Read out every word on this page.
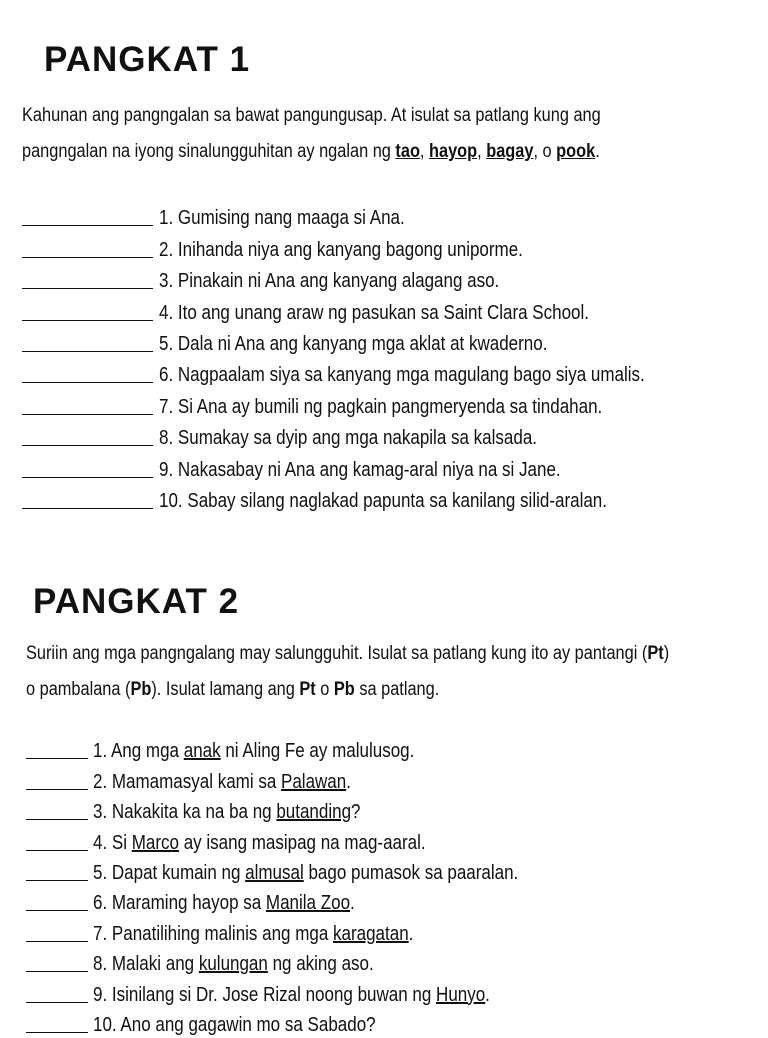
PANGKAT 1
Kahunan ang pangngalan sa bawat pangungusap. At isulat sa patlang kung ang
pangngalan na iyong sinalungguhitan ay ngalan ng tao, hayop, bagay, o pook.
1. Gumising nang maaga si Ana.
2. Inihanda niya ang kanyang bagong uniporme.
3. Pinakain ni Ana ang kanyang alagang aso.
4. Ito ang unang araw ng pasukan sa Saint Clara School.
5. Dala ni Ana ang kanyang mga aklat at kwaderno.
6. Nagpaalam siya sa kanyang mga magulang bago siya umalis.
7. Si Ana ay bumili ng pagkain pangmeryenda sa tindahan.
8. Sumakay sa dyip ang mga nakapila sa kalsada.
9. Nakasabay ni Ana ang kamag-aral niya na si Jane.
10. Sabay silang naglakad papunta sa kanilang silid-aralan.
PANGKAT 2
Suriin ang mga pangngalang may salungguhit. Isulat sa patlang kung ito ay pantangi (Pt)
o pambalana (Pb). Isulat lamang ang Pt o Pb sa patlang.
1. Ang mga anak ni Aling Fe ay malulusog.
2. Mamamasyal kami sa Palawan.
3. Nakakita ka na ba ng butanding?
4. Si Marco ay isang masipag na mag-aaral.
5. Dapat kumain ng almusal bago pumasok sa paaralan.
6. Maraming hayop sa Manila Zoo.
7. Panatilihing malinis ang mga karagatan.
8. Malaki ang kulungan ng aking aso.
9. Isinilang si Dr. Jose Rizal noong buwan ng Hunyo.
10. Ano ang gagawin mo sa Sabado?
